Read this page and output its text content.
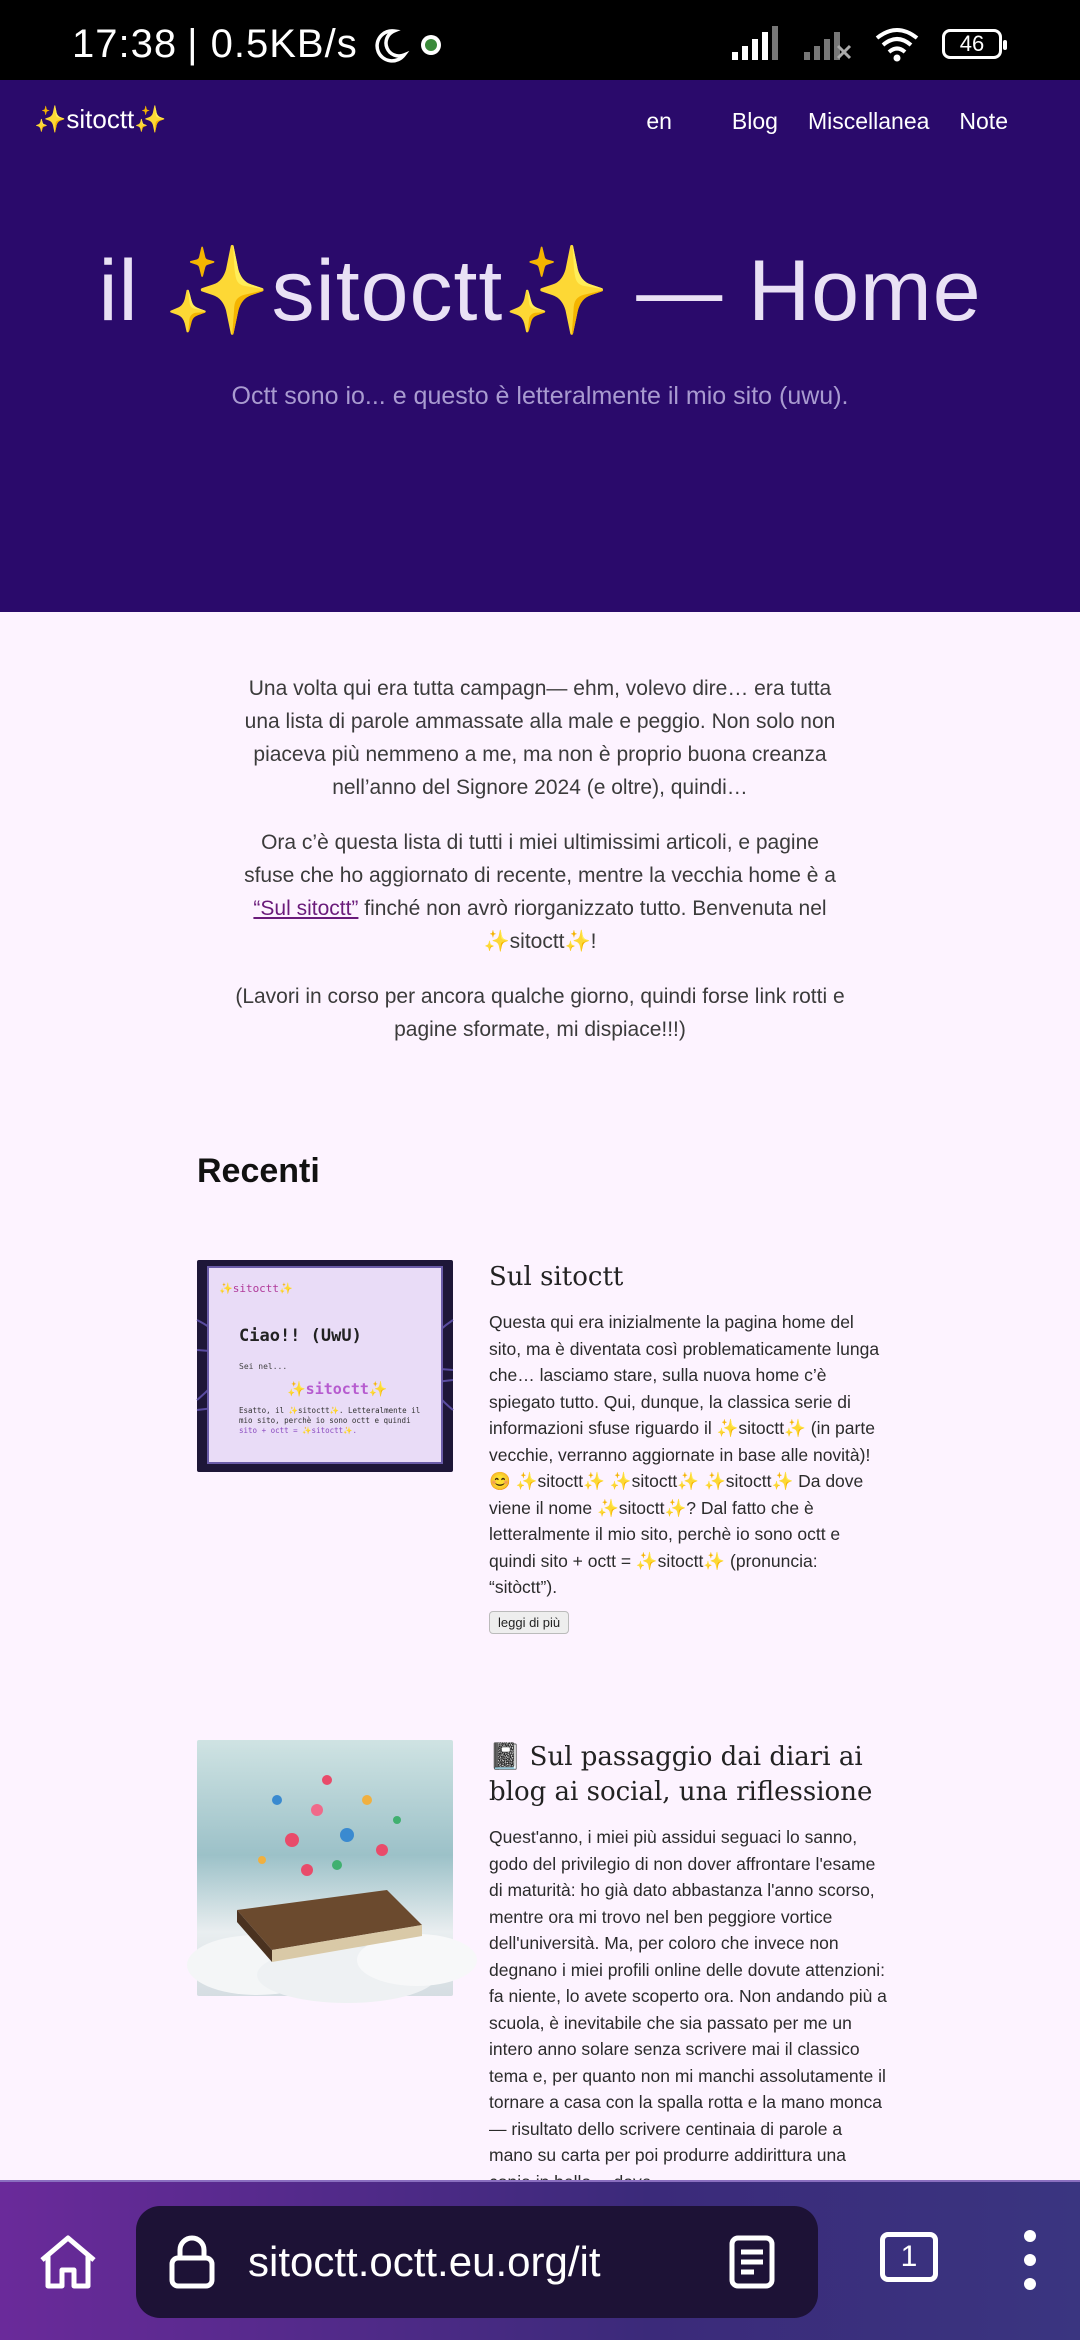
17:38 | 0.5KB/s	46
✨sitoctt✨	en	Blog Miscellanea Note
il ✨sitoctt✨ — Home
Octt sono io... e questo è letteralmente il mio sito (uwu).

Una volta qui era tutta campagn— ehm, volevo dire… era tutta una lista di parole ammassate alla male e peggio. Non solo non piaceva più nemmeno a me, ma non è proprio buona creanza nell’anno del Signore 2024 (e oltre), quindi…

Ora c’è questa lista di tutti i miei ultimissimi articoli, e pagine sfuse che ho aggiornato di recente, mentre la vecchia home è a “Sul sitoctt” finché non avrò riorganizzato tutto. Benvenuta nel ✨sitoctt✨!

(Lavori in corso per ancora qualche giorno, quindi forse link rotti e pagine sformate, mi dispiace!!!)

Recenti
✨sitoctt✨
Ciao!! (UwU)
Sei nel...
✨sitoctt✨
Esatto, il ✨sitoctt✨. Letteralmente il
mio sito, perchè io sono octt e quindi
sito + octt = ✨sitoctt✨.
Sul sitoctt
Questa qui era inizialmente la pagina home del sito, ma è diventata così problematicamente lunga che… lasciamo stare, sulla nuova home c’è spiegato tutto. Qui, dunque, la classica serie di informazioni sfuse riguardo il ✨sitoctt✨ (in parte vecchie, verranno aggiornate in base alle novità)! 😊 ✨sitoctt✨ ✨sitoctt✨ ✨sitoctt✨ Da dove viene il nome ✨sitoctt✨? Dal fatto che è letteralmente il mio sito, perchè io sono octt e quindi sito + octt = ✨sitoctt✨ (pronuncia: “sitòctt”).
leggi di più
📓 Sul passaggio dai diari ai blog ai social, una riflessione
Quest'anno, i miei più assidui seguaci lo sanno, godo del privilegio di non dover affrontare l'esame di maturità: ho già dato abbastanza l'anno scorso, mentre ora mi trovo nel ben peggiore vortice dell'università. Ma, per coloro che invece non degnano i miei profili online delle dovute attenzioni: fa niente, lo avete scoperto ora. Non andando più a scuola, è inevitabile che sia passato per me un intero anno solare senza scrivere mai il classico tema e, per quanto non mi manchi assolutamente il tornare a casa con la spalla rotta e la mano monca — risultato dello scrivere centinaia di parole a mano su carta per poi produrre addirittura una
sitoctt.octt.eu.org/it	1
